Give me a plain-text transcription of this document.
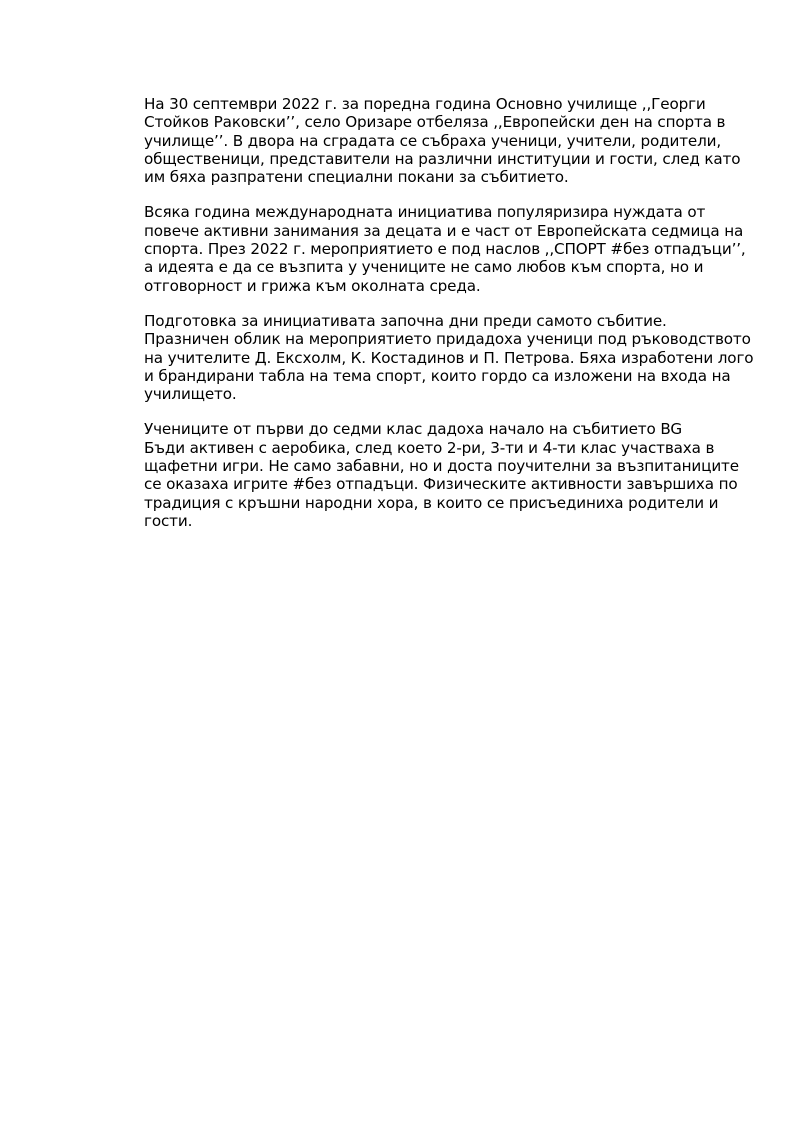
На 30 септември 2022 г. за поредна година Основно училище ,,Георги
Стойков Раковски’’, село Оризаре отбеляза ,,Европейски ден на спорта в
училище’’. В двора на сградата се събраха ученици, учители, родители,
общественици, представители на различни институции и гости, след като
им бяха разпратени специални покани за събитието.

Всяка година международната инициатива популяризира нуждата от
повече активни занимания за децата и е част от Европейската седмица на
спорта. През 2022 г. мероприятието е под наслов ,,СПОРТ #без отпадъци’’,
а идеята е да се възпита у учениците не само любов към спорта, но и
отговорност и грижа към околната среда.

Подготовка за инициативата започна дни преди самото събитие.
Празничен облик на мероприятието придадоха ученици под ръководството
на учителите Д. Ексхолм, К. Костадинов и П. Петрова. Бяха изработени лого
и брандирани табла на тема спорт, които гордо са изложени на входа на
училището.

Учениците от първи до седми клас дадоха начало на събитието BG
Бъди активен с аеробика, след което 2-ри, 3-ти и 4-ти клас участваха в
щафетни игри. Не само забавни, но и доста поучителни за възпитаниците
се оказаха игрите #без отпадъци. Физическите активности завършиха по
традиция с кръшни народни хора, в които се присъединиха родители и
гости.
